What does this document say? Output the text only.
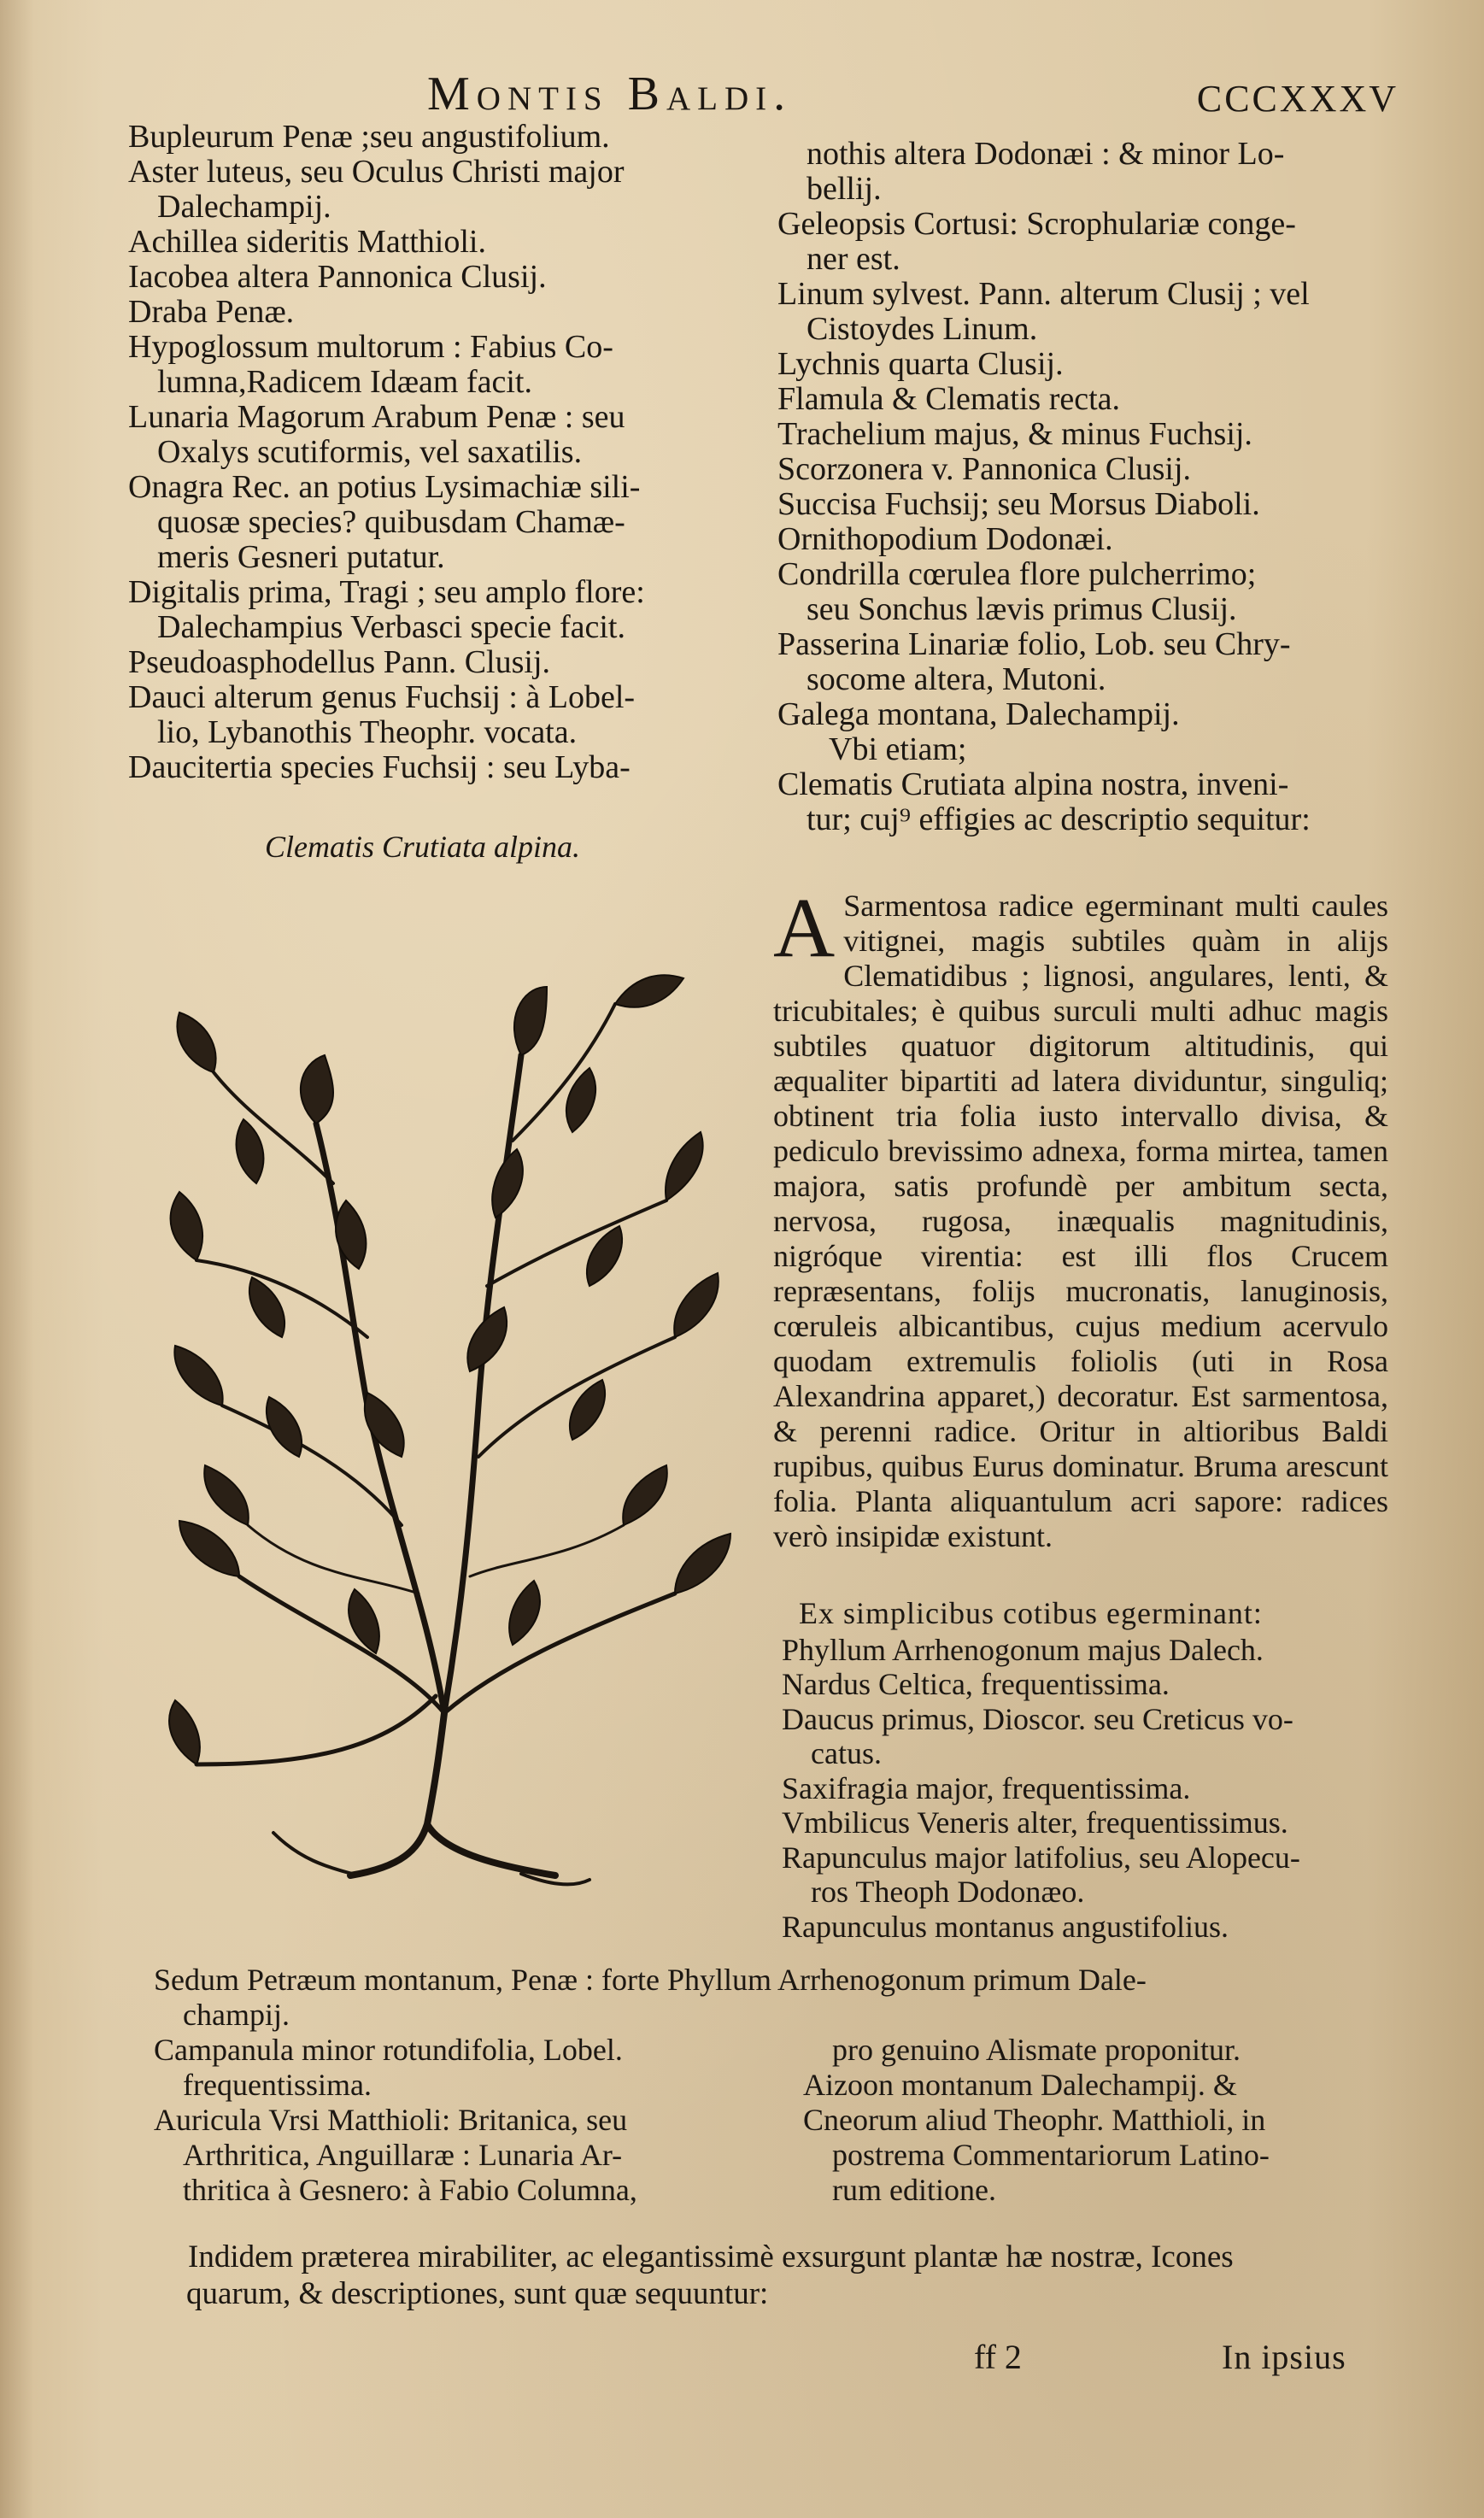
Montis Baldi.	CCCXXXV

Bupleurum Penæ ;seu angustifolium.

Aster luteus, seu Oculus Christi major

Dalechampij.

Achillea sideritis Matthioli.

Iacobea altera Pannonica Clusij.

Draba Penæ.

Hypoglossum multorum : Fabius Co-

lumna,Radicem Idæam facit.

Lunaria Magorum Arabum Penæ : seu

Oxalys scutiformis, vel saxatilis.

Onagra Rec. an potius Lysimachiæ sili-

quosæ species? quibusdam Chamæ-

meris Gesneri putatur.

Digitalis prima, Tragi ; seu amplo flore:

Dalechampius Verbasci specie facit.

Pseudoasphodellus Pann. Clusij.

Dauci alterum genus Fuchsij : à Lobel-

lio, Lybanothis Theophr. vocata.

Daucitertia species Fuchsij : seu Lyba-

nothis altera Dodonæi : & minor Lo-

bellij.

Geleopsis Cortusi: Scrophulariæ conge-

ner est.

Linum sylvest. Pann. alterum Clusij ; vel

Cistoydes Linum.

Lychnis quarta Clusij.

Flamula & Clematis recta.

Trachelium majus, & minus Fuchsij.

Scorzonera v. Pannonica Clusij.

Succisa Fuchsij; seu Morsus Diaboli.

Ornithopodium Dodonæi.

Condrilla cœrulea flore pulcherrimo;

seu Sonchus lævis primus Clusij.

Passerina Linariæ folio, Lob. seu Chry-

socome altera, Mutoni.

Galega montana, Dalechampij.

Vbi etiam;

Clematis Crutiata alpina nostra, inveni-

tur; cuj⁹ effigies ac descriptio sequitur:

Clematis Crutiata alpina.
A Sarmentosa radice egerminant multi caules vitignei, magis subtiles quàm in alijs Clematidibus ; lignosi, angulares, lenti, & tricubitales; è quibus surculi multi adhuc magis subtiles quatuor digitorum altitudinis, qui æqualiter bipartiti ad latera dividuntur, singuliq; obtinent tria folia iusto intervallo divisa, & pediculo brevissimo adnexa, forma mirtea, tamen majora, satis profundè per ambitum secta, nervosa, rugosa, inæqualis magnitudinis, nigróque virentia: est illi flos Crucem repræsentans, folijs mucronatis, lanuginosis, cœruleis albicantibus, cujus medium acervulo quodam extremulis foliolis (uti in Rosa Alexandrina apparet,) decoratur. Est sarmentosa, & perenni radice. Oritur in altioribus Baldi rupibus, quibus Eurus dominatur. Bruma arescunt folia. Planta aliquantulum acri sapore: radices verò insipidæ existunt.

Ex simplicibus cotibus egerminant:

Phyllum Arrhenogonum majus Dalech.

Nardus Celtica, frequentissima.

Daucus primus, Dioscor. seu Creticus vo-

catus.

Saxifragia major, frequentissima.

Vmbilicus Veneris alter, frequentissimus.

Rapunculus major latifolius, seu Alopecu-

ros Theoph Dodonæo.

Rapunculus montanus angustifolius.

Sedum Petræum montanum, Penæ : forte Phyllum Arrhenogonum primum Dale-

champij.

Campanula minor rotundifolia, Lobel.

frequentissima.

Auricula Vrsi Matthioli: Britanica, seu

Arthritica, Anguillaræ : Lunaria Ar-

thritica à Gesnero: à Fabio Columna,

pro genuino Alismate proponitur.

Aizoon montanum Dalechampij. &

Cneorum aliud Theophr. Matthioli, in

postrema Commentariorum Latino-

rum editione.

Indidem præterea mirabiliter, ac elegantissimè exsurgunt plantæ hæ nostræ, Icones

quarum, & descriptiones, sunt quæ sequuntur:

ff 2	In ipsius
